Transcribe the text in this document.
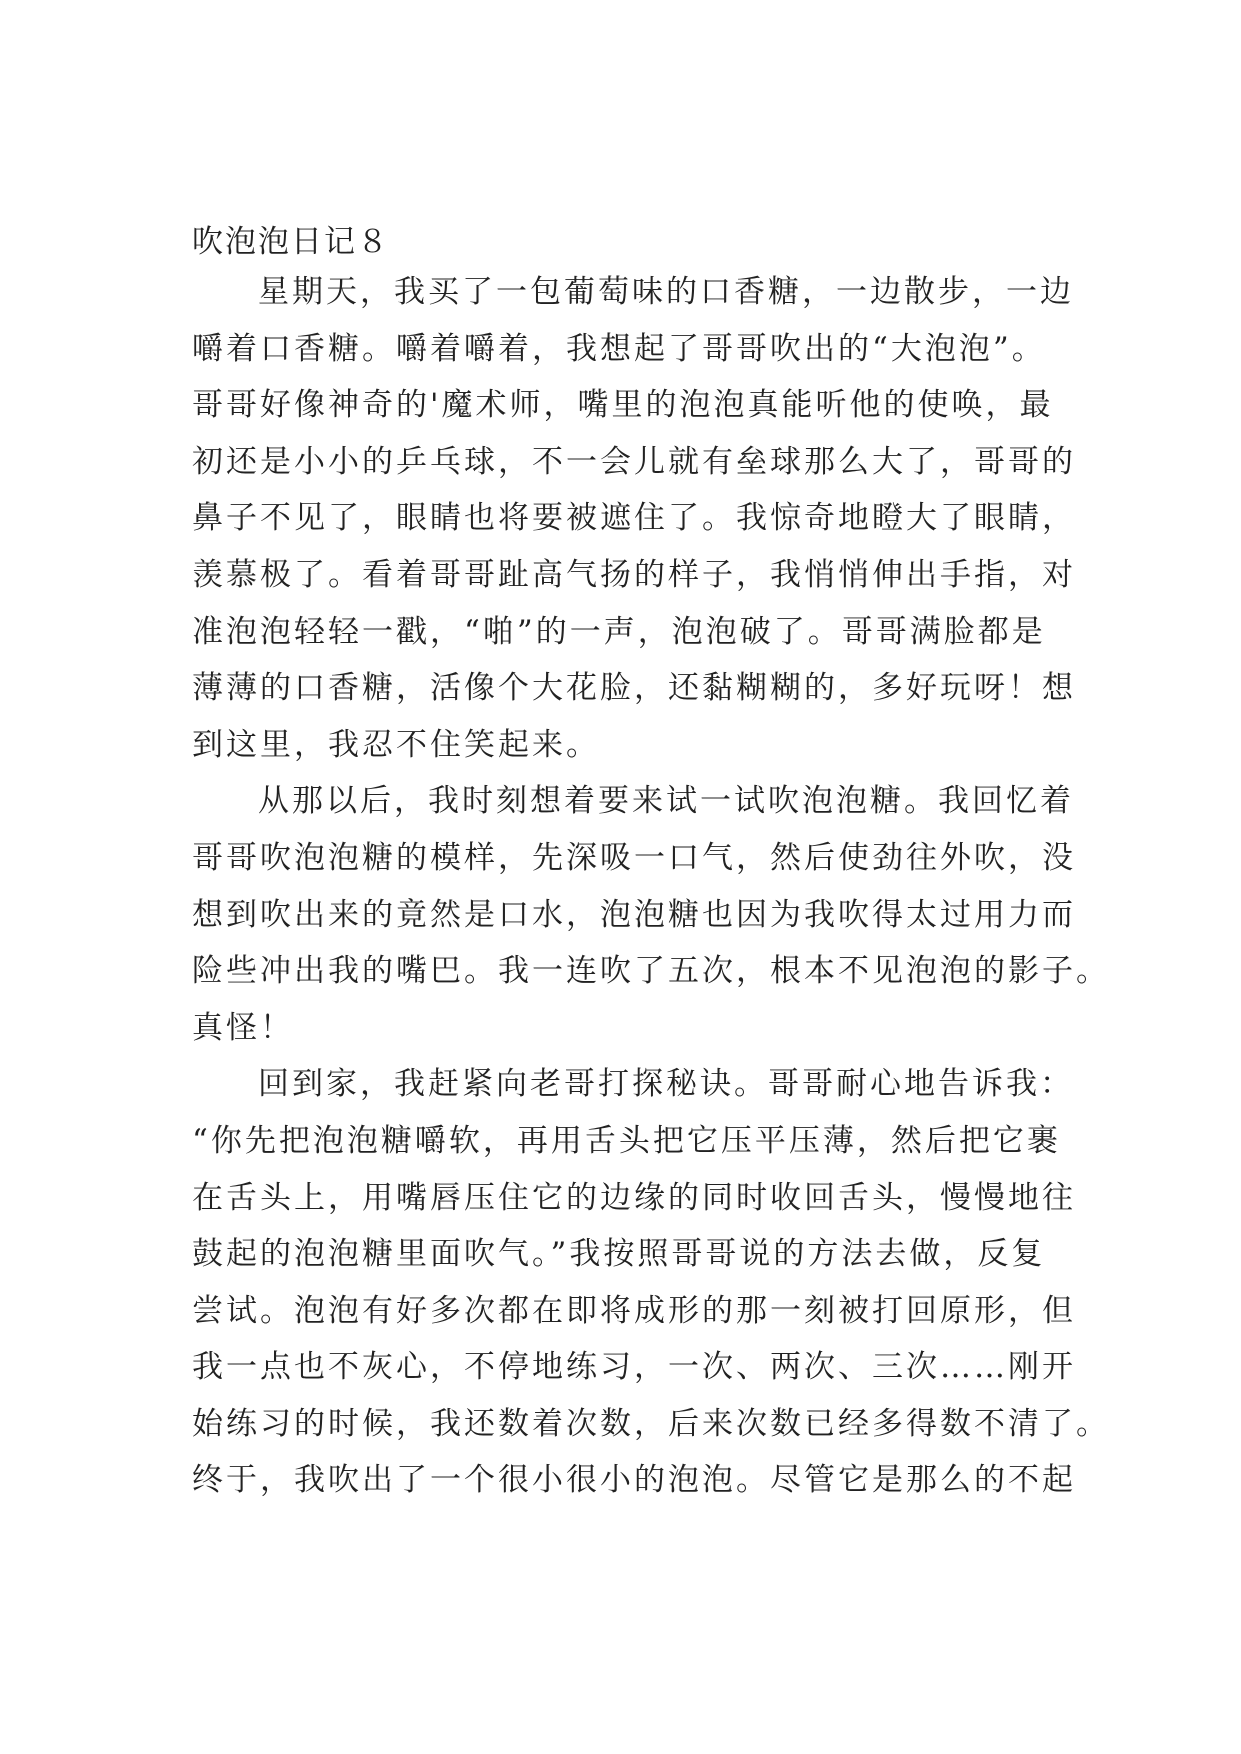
吹泡泡日记８
星期天，我买了一包葡萄味的口香糖，一边散步，一边
嚼着口香糖。嚼着嚼着，我想起了哥哥吹出的“大泡泡”。
哥哥好像神奇的'魔术师，嘴里的泡泡真能听他的使唤，最
初还是小小的乒乓球，不一会儿就有垒球那么大了，哥哥的
鼻子不见了，眼睛也将要被遮住了。我惊奇地瞪大了眼睛，
羡慕极了。看着哥哥趾高气扬的样子，我悄悄伸出手指，对
准泡泡轻轻一戳，“啪”的一声，泡泡破了。哥哥满脸都是
薄薄的口香糖，活像个大花脸，还黏糊糊的，多好玩呀！想
到这里，我忍不住笑起来。
从那以后，我时刻想着要来试一试吹泡泡糖。我回忆着
哥哥吹泡泡糖的模样，先深吸一口气，然后使劲往外吹，没
想到吹出来的竟然是口水，泡泡糖也因为我吹得太过用力而
险些冲出我的嘴巴。我一连吹了五次，根本不见泡泡的影子。
真怪！
回到家，我赶紧向老哥打探秘诀。哥哥耐心地告诉我：
“你先把泡泡糖嚼软，再用舌头把它压平压薄，然后把它裹
在舌头上，用嘴唇压住它的边缘的同时收回舌头，慢慢地往
鼓起的泡泡糖里面吹气。”我按照哥哥说的方法去做，反复
尝试。泡泡有好多次都在即将成形的那一刻被打回原形，但
我一点也不灰心，不停地练习，一次、两次、三次……刚开
始练习的时候，我还数着次数，后来次数已经多得数不清了。
终于，我吹出了一个很小很小的泡泡。尽管它是那么的不起
